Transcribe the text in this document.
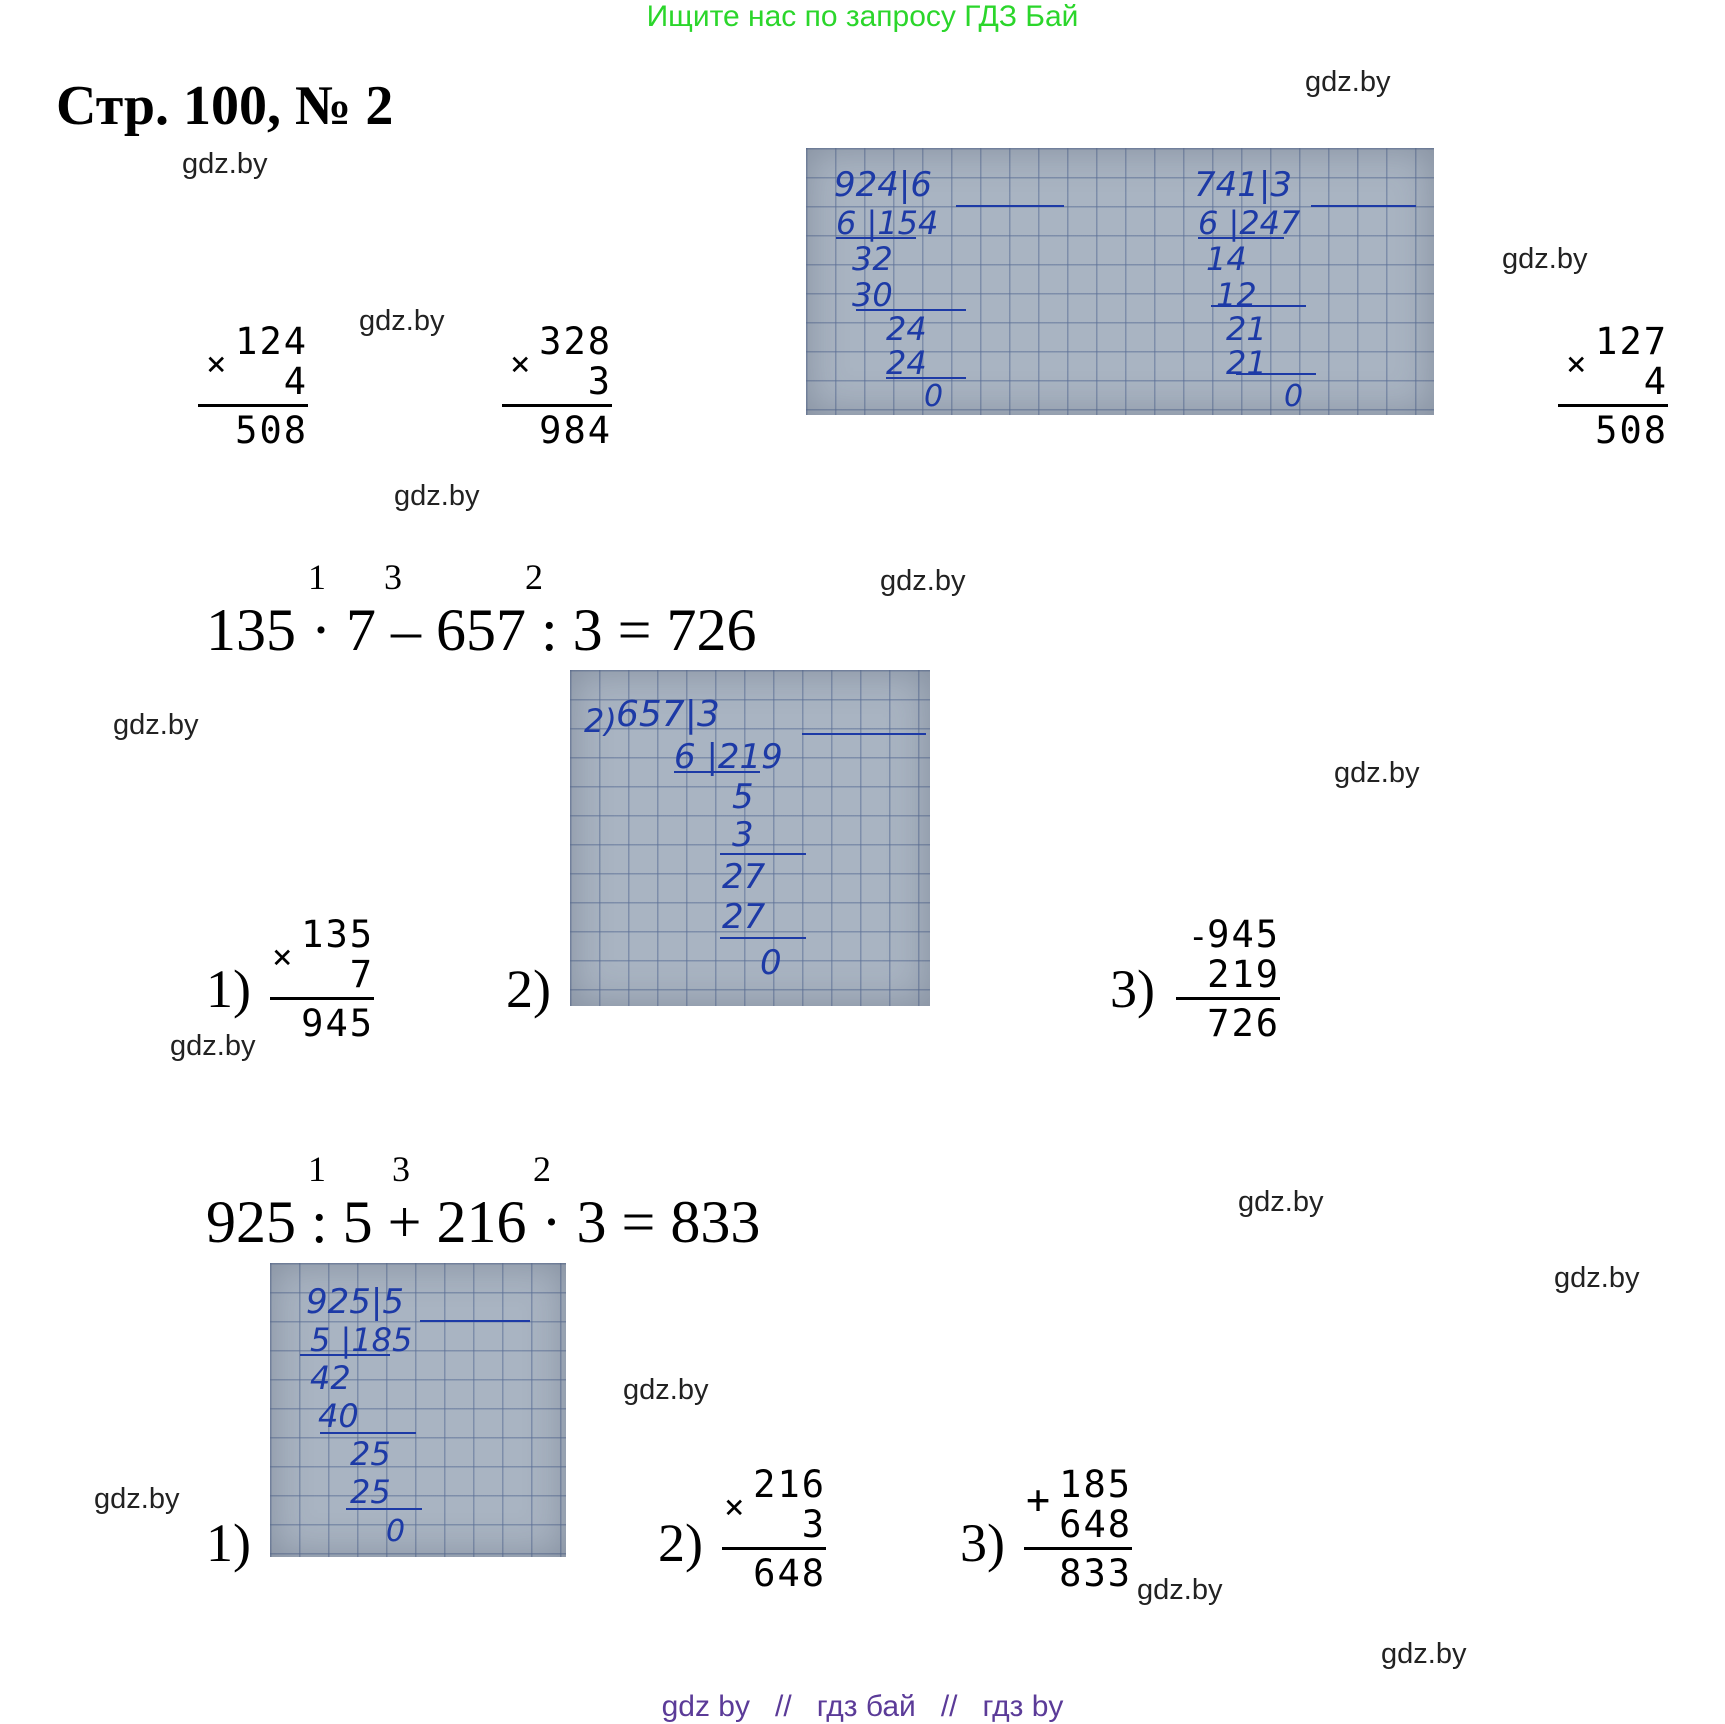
Ищите нас по запросу ГДЗ Бай
Стр. 100, № 2	gdz.by
gdz.by
gdz.by
gdz.by
gdz.by
gdz.by
gdz.by
gdz.by
gdz.by
gdz.by
gdz.by
gdz.by
gdz.by
gdz.by
gdz.by
×
124
4
508
×
328
3
984
×
127
4
508
924|6
6 |154
32
30
24
24
0
741|3
6 |247
14
12
21
21
0
1 3	2
135 · 7 – 657 : 3 = 726
1)
×
135
7
945
2)
657|3
6 |219
5
3
27
27
0
2)
3)
-
945
219
726
1 3	2
925 : 5 + 216 · 3 = 833
1)
925|5
5 |185
42
40
25
25
0	2)
×
216
3
648
3)
+ 185
648
833
gdz by // гдз бай // гдз by
